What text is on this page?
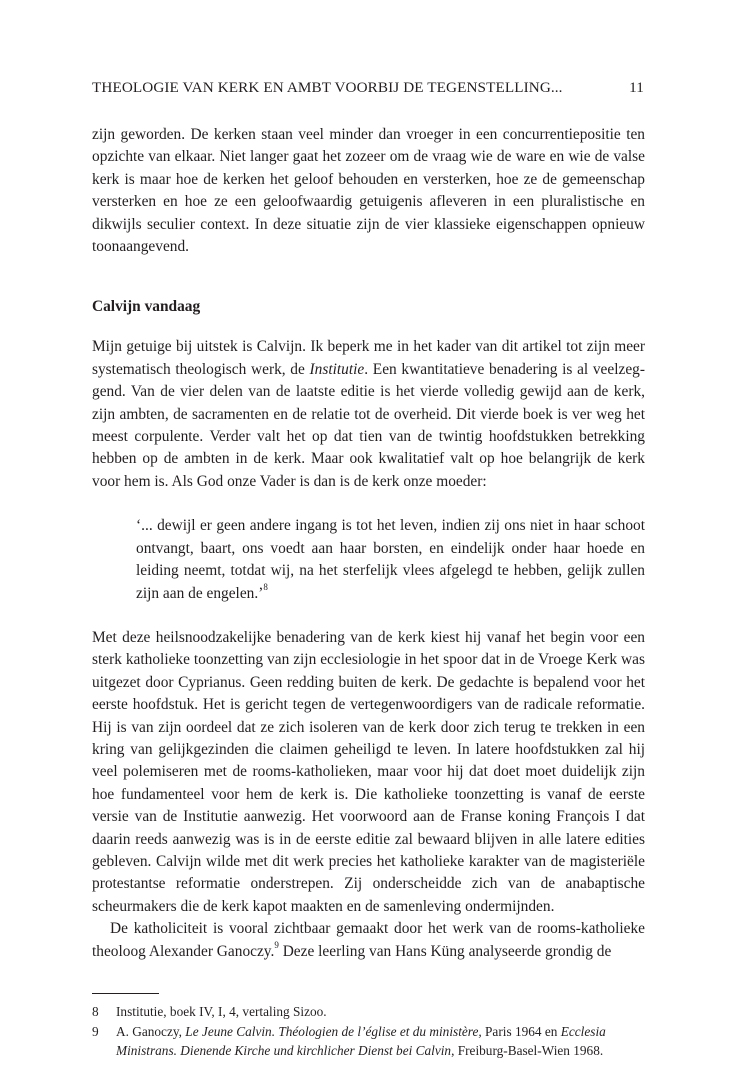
THEOLOGIE VAN KERK EN AMBT VOORBIJ DE TEGENSTELLING...	11

zijn geworden. De kerken staan veel minder dan vroeger in een concurrentiepositie ten opzichte van elkaar. Niet langer gaat het zozeer om de vraag wie de ware en wie de valse kerk is maar hoe de kerken het geloof behouden en versterken, hoe ze de gemeenschap versterken en hoe ze een geloofwaardig getuigenis afleveren in een pluralistische en dikwijls seculier context. In deze situatie zijn de vier klassieke eigenschappen opnieuw toonaangevend.

Calvijn vandaag

Mijn getuige bij uitstek is Calvijn. Ik beperk me in het kader van dit artikel tot zijn meer systematisch theologisch werk, de Institutie. Een kwantitatieve benadering is al veelzeggend. Van de vier delen van de laatste editie is het vierde volledig gewijd aan de kerk, zijn ambten, de sacramenten en de relatie tot de overheid. Dit vierde boek is ver weg het meest corpulente. Verder valt het op dat tien van de twintig hoofdstukken betrekking hebben op de ambten in de kerk. Maar ook kwalitatief valt op hoe belangrijk de kerk voor hem is. Als God onze Vader is dan is de kerk onze moeder:

‘... dewijl er geen andere ingang is tot het leven, indien zij ons niet in haar schoot ontvangt, baart, ons voedt aan haar borsten, en eindelijk onder haar hoede en leiding neemt, totdat wij, na het sterfelijk vlees afgelegd te hebben, gelijk zullen zijn aan de engelen.’$^8$

Met deze heilsnoodzakelijke benadering van de kerk kiest hij vanaf het begin voor een sterk katholieke toonzetting van zijn ecclesiologie in het spoor dat in de Vroege Kerk was uitgezet door Cyprianus. Geen redding buiten de kerk. De gedachte is bepalend voor het eerste hoofdstuk. Het is gericht tegen de vertegenwoordigers van de radicale reformatie. Hij is van zijn oordeel dat ze zich isoleren van de kerk door zich terug te trekken in een kring van gelijkgezinden die claimen geheiligd te leven. In latere hoofdstukken zal hij veel polemiseren met de rooms-katholieken, maar voor hij dat doet moet duidelijk zijn hoe fundamenteel voor hem de kerk is. Die katholieke toonzetting is vanaf de eerste versie van de Institutie aanwezig. Het voorwoord aan de Franse koning François I dat daarin reeds aanwezig was is in de eerste editie zal bewaard blijven in alle latere edities gebleven. Calvijn wilde met dit werk precies het katholieke karakter van de magisteriële protestantse reformatie onderstrepen. Zij onderscheidde zich van de anabaptische scheurmakers die de kerk kapot maakten en de samenleving ondermijnden.

De katholiciteit is vooral zichtbaar gemaakt door het werk van de rooms-katholieke theoloog Alexander Ganoczy.$^9$ Deze leerling van Hans Küng analyseerde grondig de

8	Institutie, boek IV, I, 4, vertaling Sizoo.
9	A. Ganoczy, Le Jeune Calvin. Théologien de l’église et du ministère, Paris 1964 en Ecclesia Ministrans. Dienende Kirche und kirchlicher Dienst bei Calvin, Freiburg-Basel-Wien 1968.
